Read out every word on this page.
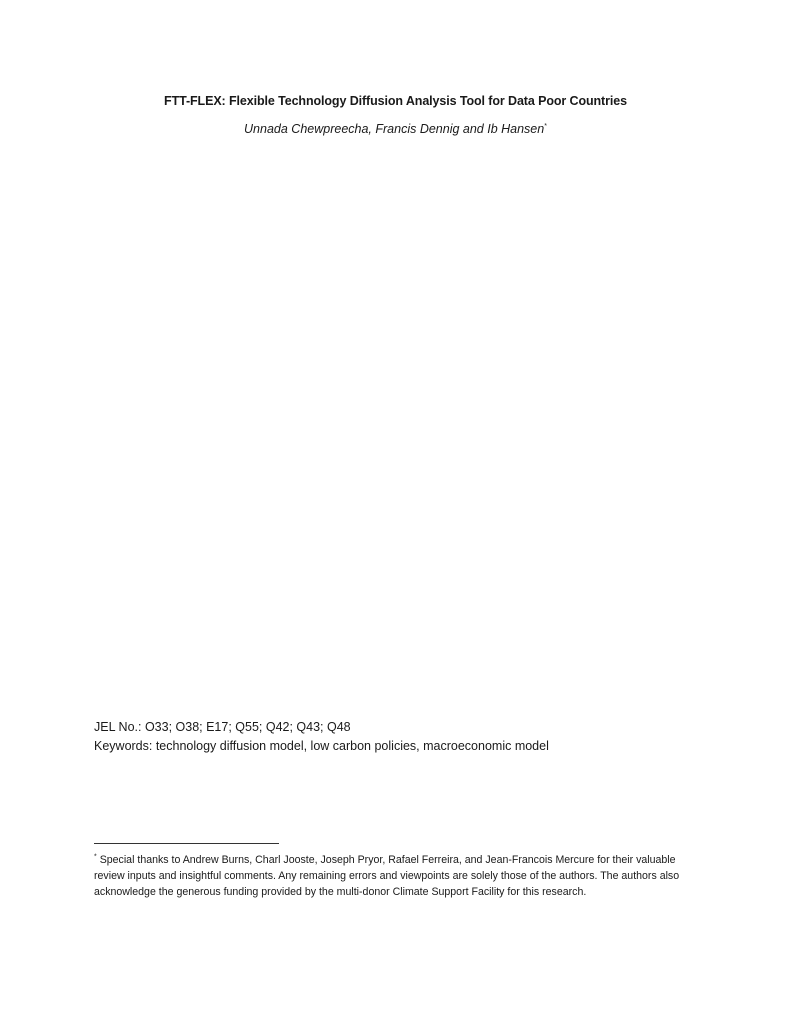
FTT-FLEX: Flexible Technology Diffusion Analysis Tool for Data Poor Countries

Unnada Chewpreecha, Francis Dennig and Ib Hansen*

JEL No.: O33; O38; E17; Q55; Q42; Q43; Q48

Keywords: technology diffusion model, low carbon policies, macroeconomic model

* Special thanks to Andrew Burns, Charl Jooste, Joseph Pryor, Rafael Ferreira, and Jean-Francois Mercure for their valuable review inputs and insightful comments. Any remaining errors and viewpoints are solely those of the authors. The authors also acknowledge the generous funding provided by the multi-donor Climate Support Facility for this research.
